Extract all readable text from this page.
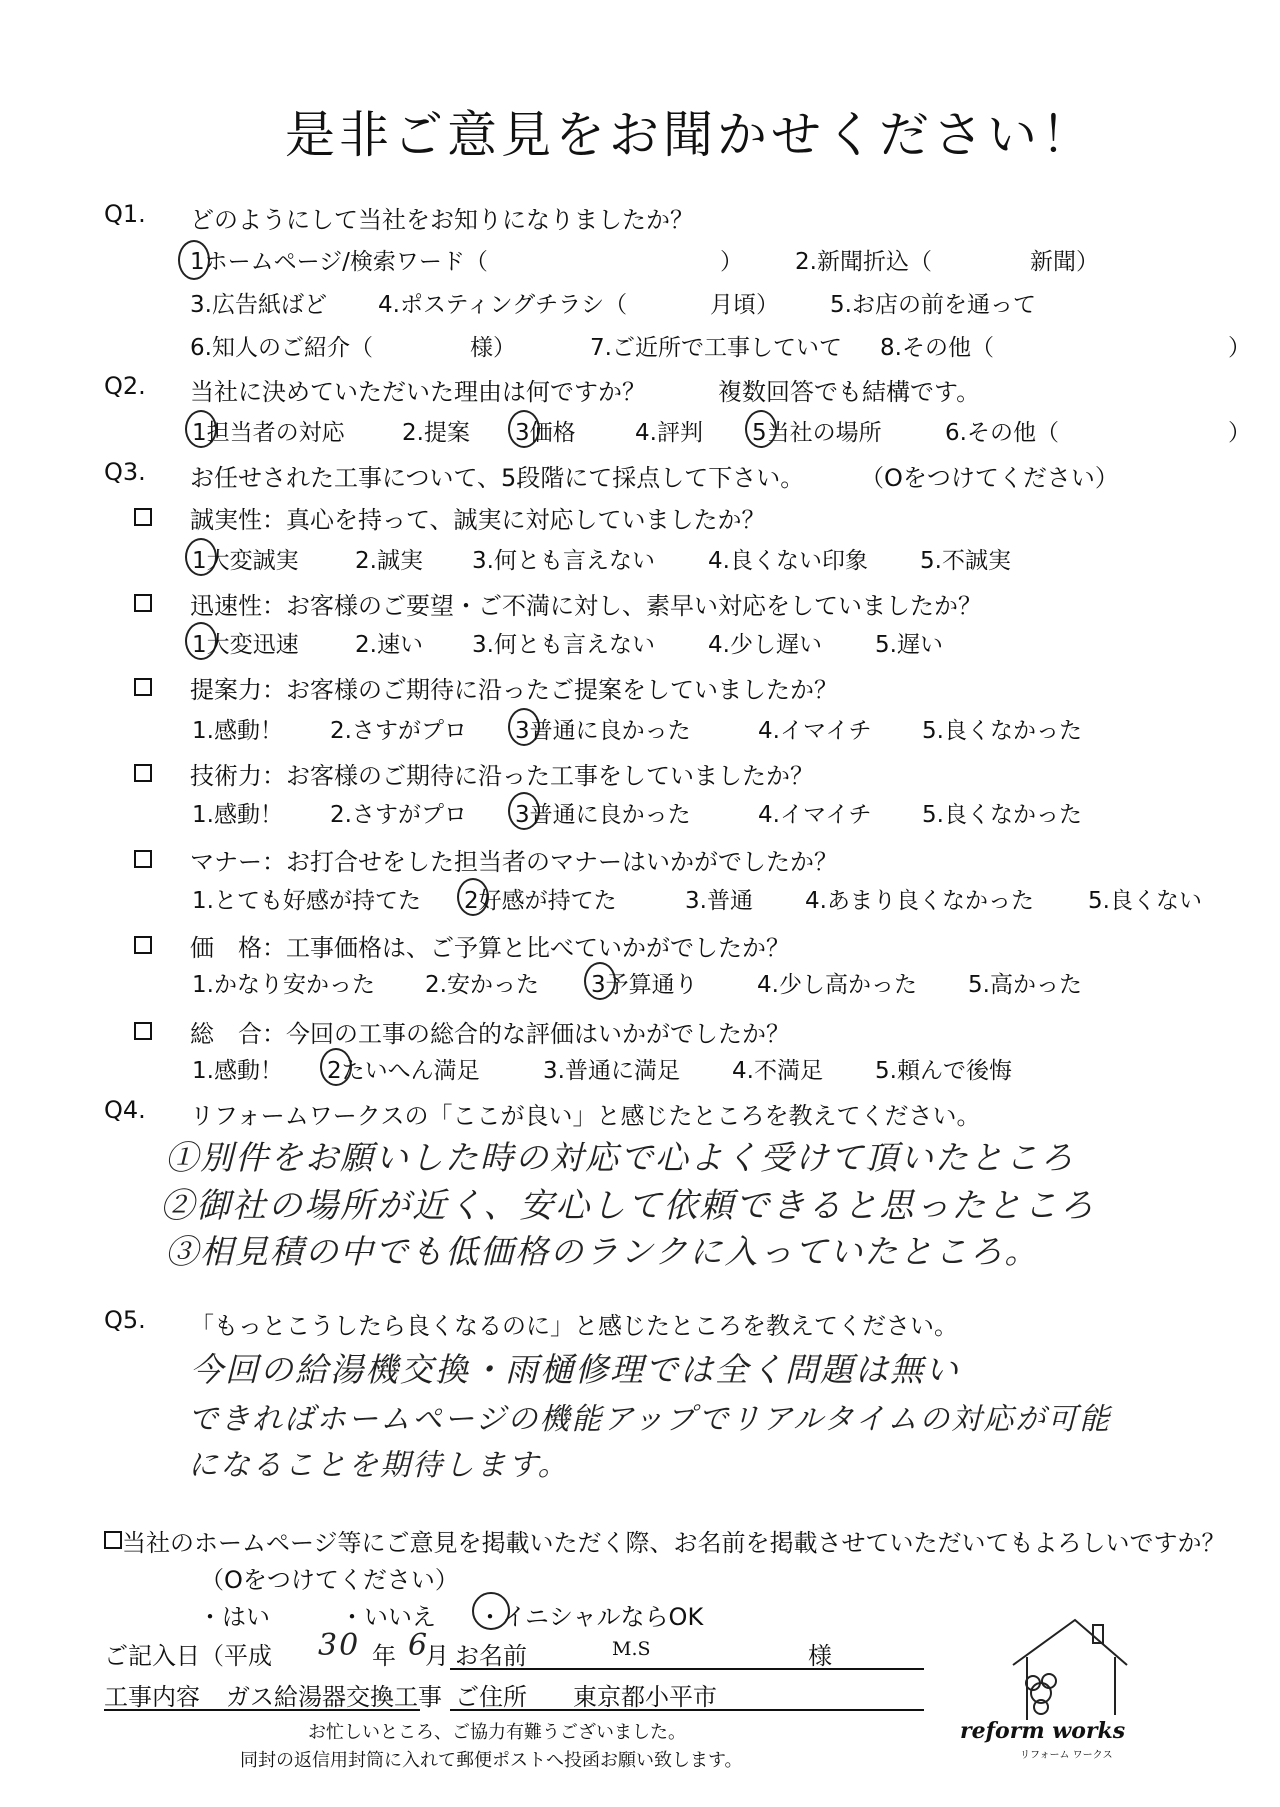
是非ご意見をお聞かせください！
Q1. どのようにして当社をお知りになりましたか？
1ホームページ/検索ワード（	） 2.新聞折込（	新聞）
3.広告紙ばど 4.ポスティングチラシ（	月頃） 5.お店の前を通って
6.知人のご紹介（	様）	7.ご近所で工事していて 8.その他（	）
Q2. 当社に決めていただいた理由は何ですか？	複数回答でも結構です。
1担当者の対応 2.提案 3価格	4.評判 5当社の場所	6.その他（	）
Q3. お任せされた工事について、5段階にて採点して下さい。 （Oをつけてください）
誠実性：真心を持って、誠実に対応していましたか？
1大変誠実 2.誠実 3.何とも言えない 4.良くない印象 5.不誠実
迅速性：お客様のご要望・ご不満に対し、素早い対応をしていましたか？
1大変迅速 2.速い 3.何とも言えない 4.少し遅い 5.遅い
提案力：お客様のご期待に沿ったご提案をしていましたか？
1.感動！ 2.さすがプロ 3普通に良かった	4.イマイチ 5.良くなかった
技術力：お客様のご期待に沿った工事をしていましたか？
1.感動！ 2.さすがプロ 3普通に良かった	4.イマイチ 5.良くなかった
マナー：お打合せをした担当者のマナーはいかがでしたか？
1.とても好感が持てた 2好感が持てた	3.普通 4.あまり良くなかった 5.良くない
価　格：工事価格は、ご予算と比べていかがでしたか？
1.かなり安かった 2.安かった 3予算通り	4.少し高かった 5.高かった
総　合：今回の工事の総合的な評価はいかがでしたか？
1.感動！ 2たいへん満足	3.普通に満足 4.不満足 5.頼んで後悔
Q4. リフォームワークスの「ここが良い」と感じたところを教えてください。
①別件をお願いした時の対応で心よく受けて頂いたところ
②御社の場所が近く、安心して依頼できると思ったところ
③相見積の中でも低価格のランクに入っていたところ。
Q5. 「もっとこうしたら良くなるのに」と感じたところを教えてください。
今回の給湯機交換・雨樋修理では全く問題は無い
できればホームページの機能アップでリアルタイムの対応が可能
になることを期待します。
当社のホームページ等にご意見を掲載いただく際、お名前を掲載させていただいてもよろしいですか？
（Oをつけてください）
・はい	・いいえ ・イニシャルならOK
ご記入日（平成 30 年 6
月 お名前	M.S	様
工事内容 ガス給湯器交換工事 ご住所 東京都小平市
お忙しいところ、ご協力有難うございました。
同封の返信用封筒に入れて郵便ポストへ投函お願い致します。
reform works
リフォーム ワークス
